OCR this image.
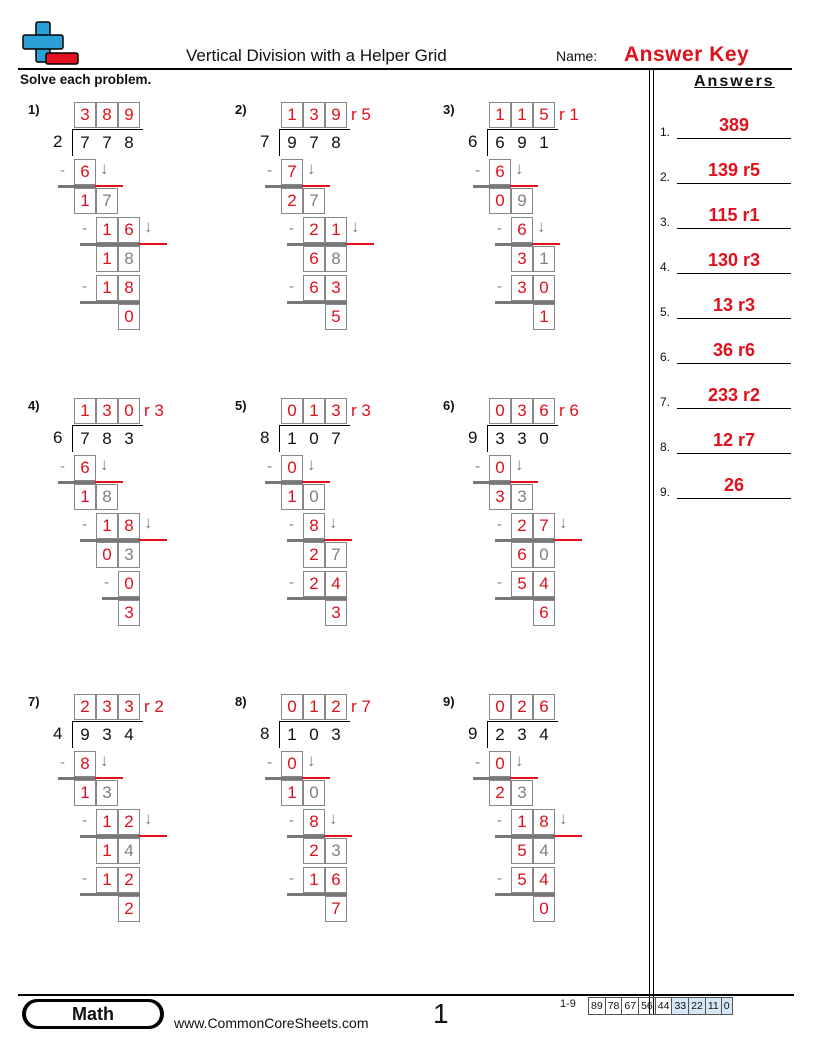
Vertical Division with a Helper Grid	Name: Answer Key
Solve each problem.	Answers
1)	3 8 9
2	7 7 8
6
- ↓
1 7
1 6
-	↓
1 8
1 8
-
0
2)	1 3 9 r 5
7	9 7 8
7
- ↓
2 7
2 1
-	↓
6 8
6 3
-
5
3)	1 1 5 r 1
6	6 9 1
6
- ↓
0 9
6
- ↓
3 1
3 0
-
1
4)	1 3 0 r 3
6	7 8 3
6
- ↓
1 8
1 8
-	↓
0 3
0
-
3
5)	0 1 3 r 3
8	1 0 7
0
- ↓
1 0
8
- ↓
2 7
2 4
-
3
6)	0 3 6 r 6
9	3 3 0
0
- ↓
3 3
2 7
-	↓
6 0
5 4
-
6
7)	2 3 3 r 2
4	9 3 4
8
- ↓
1 3
1 2
-	↓
1 4
1 2
-
2
8)	0 1 2 r 7
8	1 0 3
0
- ↓
1 0
8
- ↓
2 3
1 6
-
7
9)	0 2 6
9	2 3 4
0
- ↓
2 3
1 8
-	↓
5 4
5 4
-
0
1.	389
2.	139 r5
3.	115 r1
4.	130 r3
5.	13 r3
6.	36 r6
7.	233 r2
8.	12 r7
9.	26
Math	www.CommonCoreSheets.com 1	1-9 89	78	67	56	44	33	22	11	0
